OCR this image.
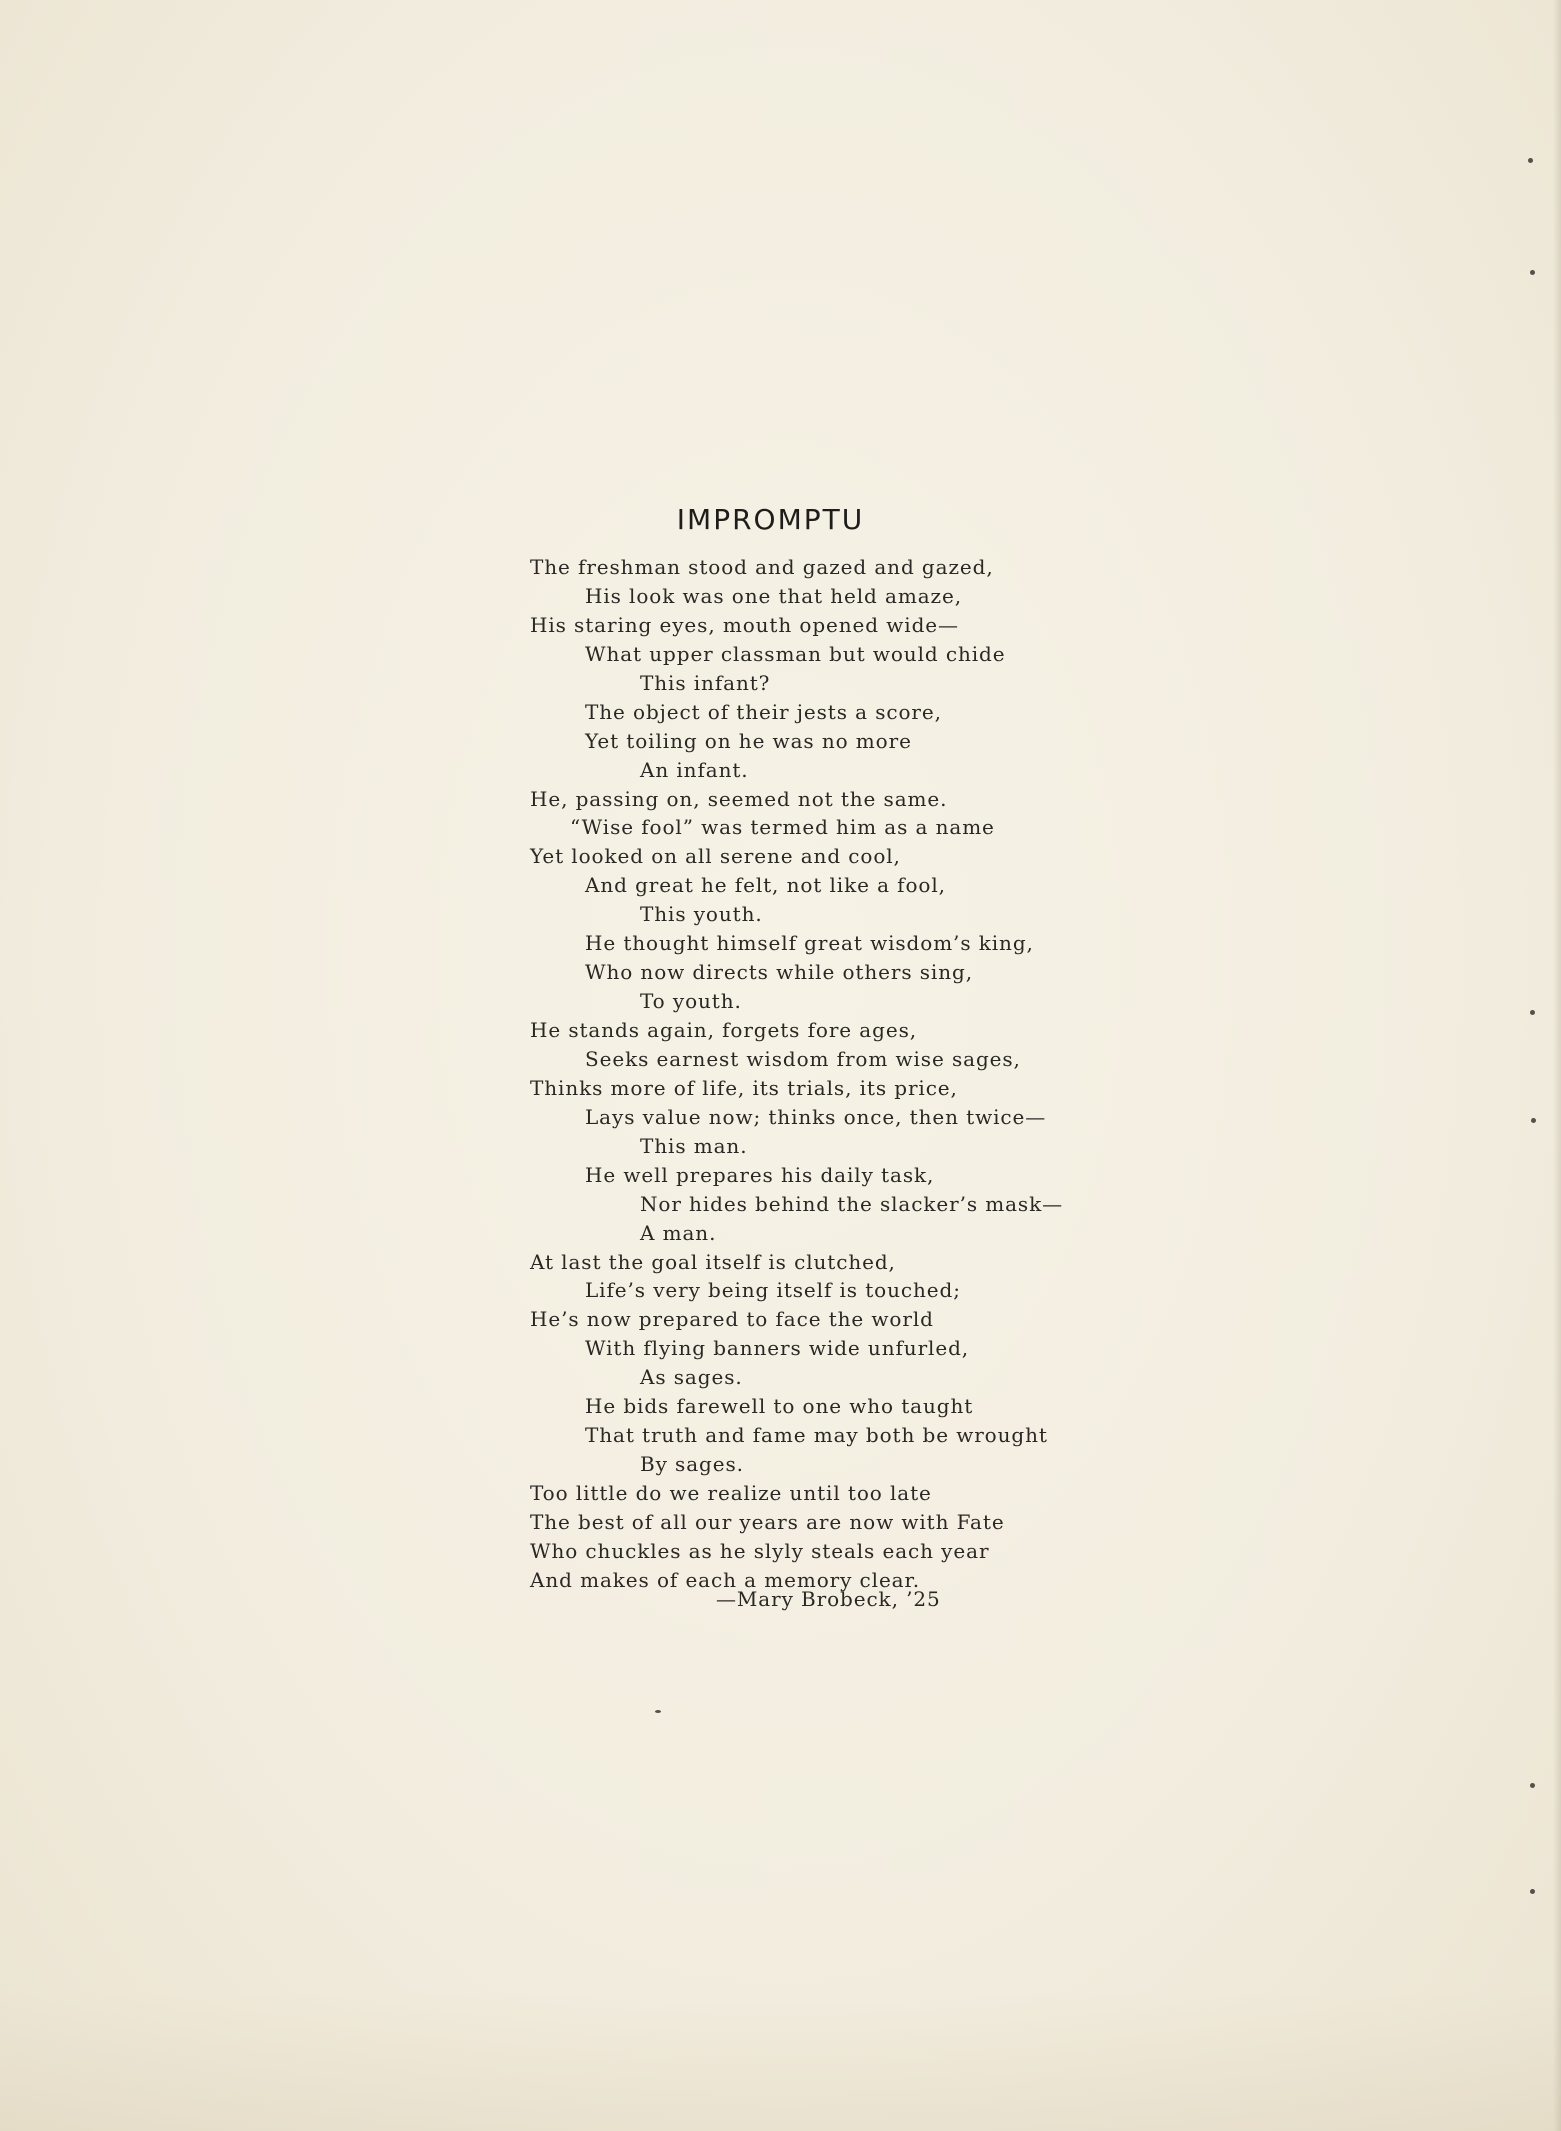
IMPROMPTU
The freshman stood and gazed and gazed,
His look was one that held amaze,
His staring eyes, mouth opened wide—
What upper classman but would chide
This infant?
The object of their jests a score,
Yet toiling on he was no more
An infant.
He, passing on, seemed not the same.
“Wise fool” was termed him as a name
Yet looked on all serene and cool,
And great he felt, not like a fool,
This youth.
He thought himself great wisdom’s king,
Who now directs while others sing,
To youth.
He stands again, forgets fore ages,
Seeks earnest wisdom from wise sages,
Thinks more of life, its trials, its price,
Lays value now; thinks once, then twice—
This man.
He well prepares his daily task,
Nor hides behind the slacker’s mask—
A man.
At last the goal itself is clutched,
Life’s very being itself is touched;
He’s now prepared to face the world
With flying banners wide unfurled,
As sages.
He bids farewell to one who taught
That truth and fame may both be wrought
By sages.
Too little do we realize until too late
The best of all our years are now with Fate
Who chuckles as he slyly steals each year
And makes of each a memory clear.
—Mary Brobeck, ’25
